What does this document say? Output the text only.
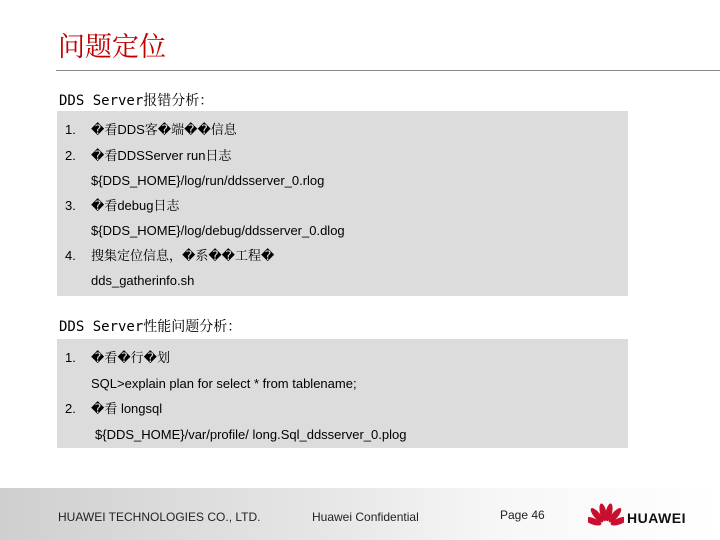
问题定位
DDS Server报错分析：
1.	�看DDS客�端��信息
2.	�看DDSServer run日志
${DDS_HOME}/log/run/ddsserver_0.rlog
3.	�看debug日志
${DDS_HOME}/log/debug/ddsserver_0.dlog
4.	搜集定位信息，�系��工程�
dds_gatherinfo.sh
DDS Server性能问题分析：
1.	�看�行�划
SQL>explain plan for select * from tablename;
2.	�看 longsql
${DDS_HOME}/var/profile/ long.Sql_ddsserver_0.plog
HUAWEI TECHNOLOGIES CO., LTD.	Huawei Confidential	Page 46	HUAWEI
